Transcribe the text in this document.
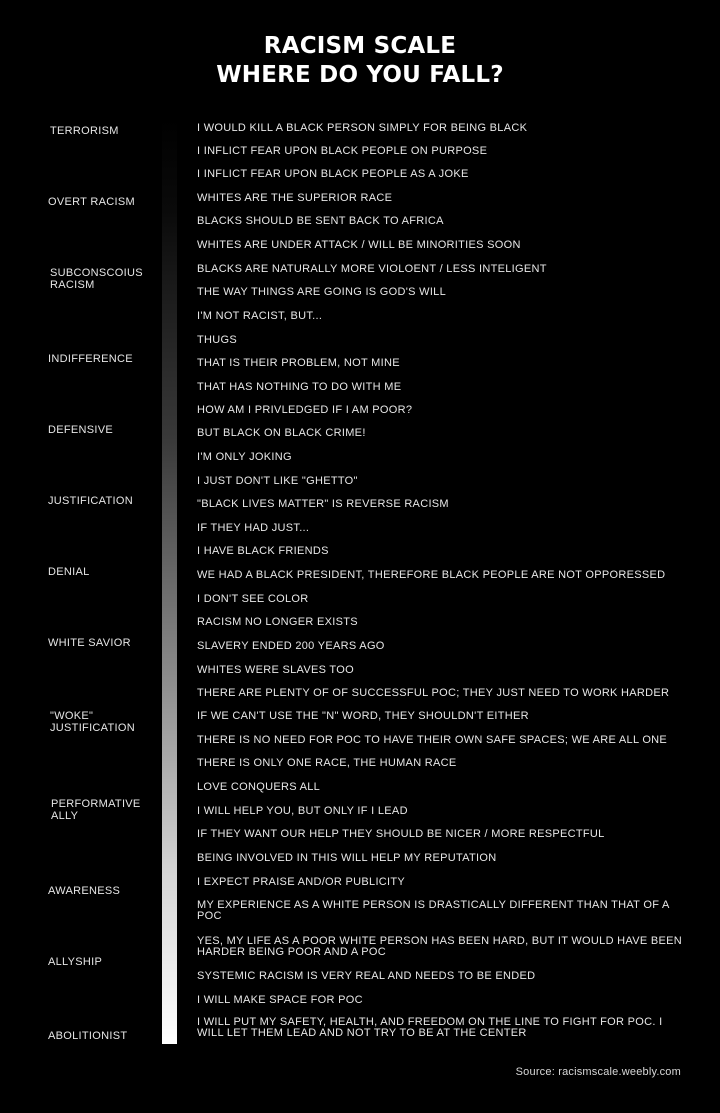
RACISM SCALE
WHERE DO YOU FALL?
TERRORISM
OVERT RACISM
SUBCONSCOIUS RACISM
INDIFFERENCE
DEFENSIVE
JUSTIFICATION
DENIAL
WHITE SAVIOR
"WOKE" JUSTIFICATION
PERFORMATIVE ALLY
AWARENESS
ALLYSHIP
ABOLITIONIST
I WOULD KILL A BLACK PERSON SIMPLY FOR BEING BLACK
I INFLICT FEAR UPON BLACK PEOPLE ON PURPOSE
I INFLICT FEAR UPON BLACK PEOPLE AS A JOKE
WHITES ARE THE SUPERIOR RACE
BLACKS SHOULD BE SENT BACK TO AFRICA
WHITES ARE UNDER ATTACK / WILL BE MINORITIES SOON
BLACKS ARE NATURALLY MORE VIOLOENT / LESS INTELIGENT
THE WAY THINGS ARE GOING IS GOD'S WILL
I'M NOT RACIST, BUT...
THUGS
THAT IS THEIR PROBLEM, NOT MINE
THAT HAS NOTHING TO DO WITH ME
HOW AM I PRIVLEDGED IF I AM POOR?
BUT BLACK ON BLACK CRIME!
I'M ONLY JOKING
I JUST DON'T LIKE "GHETTO"
"BLACK LIVES MATTER" IS REVERSE RACISM
IF THEY HAD JUST...
I HAVE BLACK FRIENDS
WE HAD A BLACK PRESIDENT, THEREFORE BLACK PEOPLE ARE NOT OPPORESSED
I DON'T SEE COLOR
RACISM NO LONGER EXISTS
SLAVERY ENDED 200 YEARS AGO
WHITES WERE SLAVES TOO
THERE ARE PLENTY OF OF SUCCESSFUL POC; THEY JUST NEED TO WORK HARDER
IF WE CAN'T USE THE "N" WORD, THEY SHOULDN'T EITHER
THERE IS NO NEED FOR POC TO HAVE THEIR OWN SAFE SPACES; WE ARE ALL ONE
THERE IS ONLY ONE RACE, THE HUMAN RACE
LOVE CONQUERS ALL
I WILL HELP YOU, BUT ONLY IF I LEAD
IF THEY WANT OUR HELP THEY SHOULD BE NICER / MORE RESPECTFUL
BEING INVOLVED IN THIS WILL HELP MY REPUTATION
I EXPECT PRAISE AND/OR PUBLICITY
MY EXPERIENCE AS A WHITE PERSON IS DRASTICALLY DIFFERENT THAN THAT OF A POC
YES, MY LIFE AS A POOR WHITE PERSON HAS BEEN HARD, BUT IT WOULD HAVE BEEN HARDER BEING POOR AND A POC
SYSTEMIC RACISM IS VERY REAL AND NEEDS TO BE ENDED
I WILL MAKE SPACE FOR POC
I WILL PUT MY SAFETY, HEALTH, AND FREEDOM ON THE LINE TO FIGHT FOR POC. I WILL LET THEM LEAD AND NOT TRY TO BE AT THE CENTER
Source: racismscale.weebly.com
